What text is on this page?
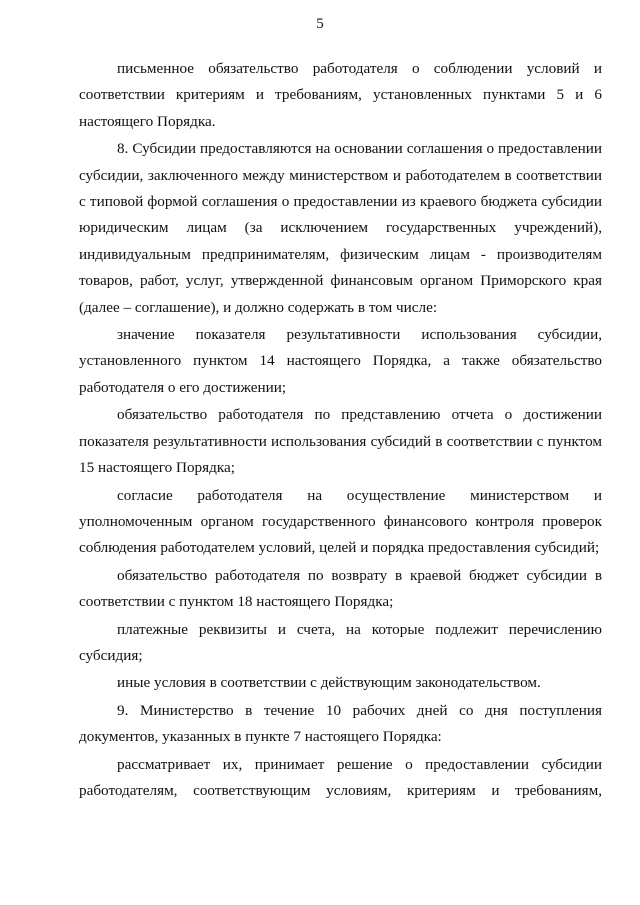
5

письменное обязательство работодателя о соблюдении условий и соответствии критериям и требованиям, установленных пунктами 5 и 6 настоящего Порядка.

8. Субсидии предоставляются на основании соглашения о предоставлении субсидии, заключенного между министерством и работодателем в соответствии с типовой формой соглашения о предоставлении из краевого бюджета субсидии юридическим лицам (за исключением государственных учреждений), индивидуальным предпринимателям, физическим лицам - производителям товаров, работ, услуг, утвержденной финансовым органом Приморского края (далее – соглашение), и должно содержать в том числе:

значение показателя результативности использования субсидии, установленного пунктом 14 настоящего Порядка, а также обязательство работодателя о его достижении;

обязательство работодателя по представлению отчета о достижении показателя результативности использования субсидий в соответствии с пунктом 15 настоящего Порядка;

согласие работодателя на осуществление министерством и уполномоченным органом государственного финансового контроля проверок соблюдения работодателем условий, целей и порядка предоставления субсидий;

обязательство работодателя по возврату в краевой бюджет субсидии в соответствии с пунктом 18 настоящего Порядка;

платежные реквизиты и счета, на которые подлежит перечислению субсидия;

иные условия в соответствии с действующим законодательством.

9. Министерство в течение 10 рабочих дней со дня поступления документов, указанных в пункте 7 настоящего Порядка:

рассматривает их, принимает решение о предоставлении субсидии работодателям, соответствующим условиям, критериям и требованиям,
